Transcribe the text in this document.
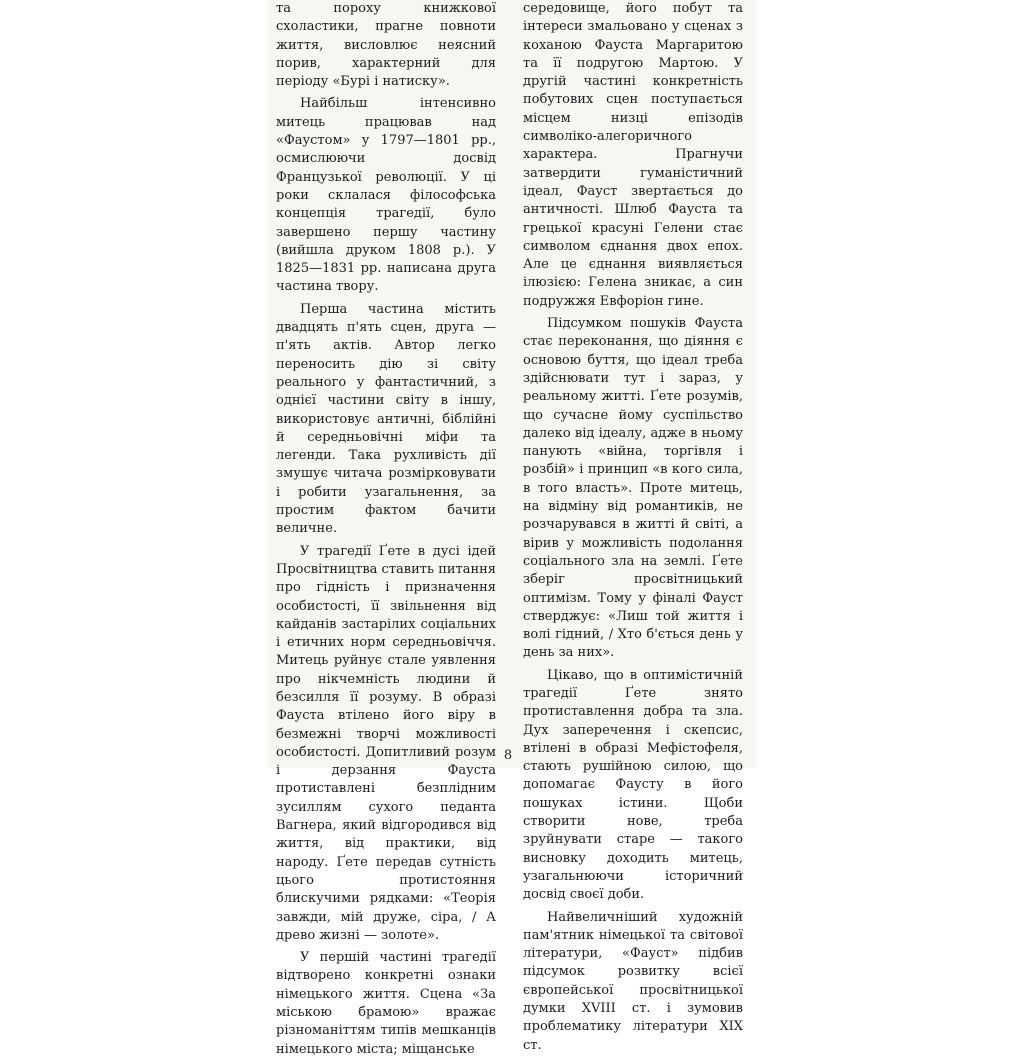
та пороху книжкової схоластики, прагне повноти життя, висловлює неясний порив, характерний для періоду «Бурі і натиску».

Найбільш інтенсивно митець працював над «Фаустом» у 1797—1801 рр., осмислюючи досвід Французької революції. У ці роки склалася філософська концепція трагедії, було завершено першу частину (вийшла друком 1808 р.). У 1825—1831 рр. написана друга частина твору.

Перша частина містить двадцять п'ять сцен, друга — п'ять актів. Автор легко переносить дію зі світу реального у фантастичний, з однієї частини світу в іншу, використовує античні, біблійні й середньовічні міфи та легенди. Така рухливість дії змушує читача розмірковувати і робити узагальнення, за простим фактом бачити величне.

У трагедії Ґете в дусі ідей Просвітництва ставить питання про гідність і призначення особистості, її звільнення від кайданів застарілих соціальних і етичних норм середньовіччя. Митець руйнує стале уявлення про нікчемність людини й безсилля її розуму. В образі Фауста втілено його віру в безмежні творчі можливості особистості. Допитливий розум і дерзання Фауста протиставлені безплідним зусиллям сухого педанта Вагнера, який відгородився від життя, від практики, від народу. Ґете передав сутність цього протистояння блискучими рядками: «Теорія завжди, мій друже, сіра, / А древо жизні — золоте».

У першій частині трагедії відтворено конкретні ознаки німецького життя. Сцена «За міською брамою» вражає різноманіттям типів мешканців німецького міста; міщанське

середовище, його побут та інтереси змальовано у сценах з коханою Фауста Маргаритою та її подругою Мартою. У другій частині конкретність побутових сцен поступається місцем низці епізодів символіко-алегоричного характера. Прагнучи затвердити гуманістичний ідеал, Фауст звертається до античності. Шлюб Фауста та грецької красуні Гелени стає символом єднання двох епох. Але це єднання виявляється ілюзією: Гелена зникає, а син подружжя Евфоріон гине.

Підсумком пошуків Фауста стає переконання, що діяння є основою буття, що ідеал треба здійснювати тут і зараз, у реальному житті. Ґете розумів, що сучасне йому суспільство далеко від ідеалу, адже в ньому панують «війна, торгівля і розбій» і принцип «в кого сила, в того власть». Проте митець, на відміну від романтиків, не розчарувався в житті й світі, а вірив у можливість подолання соціального зла на землі. Ґете зберіг просвітницький оптимізм. Тому у фіналі Фауст стверджує: «Лиш той життя і волі гідний, / Хто б'ється день у день за них».

Цікаво, що в оптимістичній трагедії Ґете знято протиставлення добра та зла. Дух заперечення і скепсис, втілені в образі Мефістофеля, стають рушійною силою, що допомагає Фаусту в його пошуках істини. Щоби створити нове, треба зруйнувати старе — такого висновку доходить митець, узагальнюючи історичний досвід своєї доби.

Найвеличніший художній пам'ятник німецької та світової літератури, «Фауст» підбив підсумок розвитку всієї європейської просвітницької думки XVIII ст. і зумовив проблематику літератури XIX ст.

8
